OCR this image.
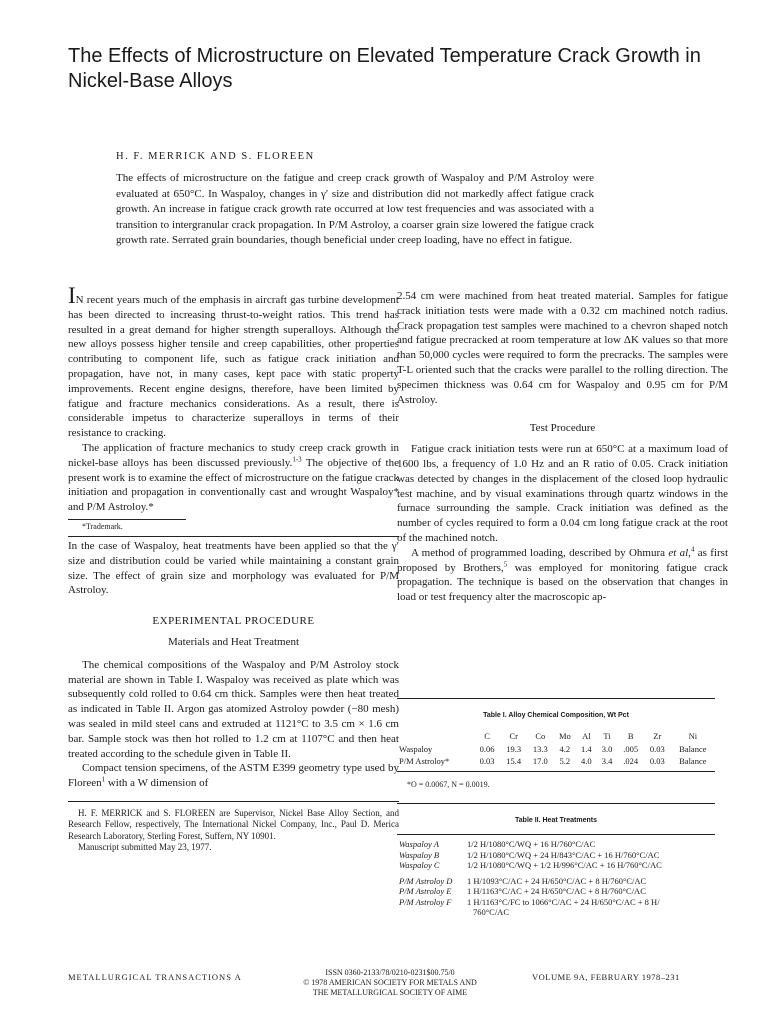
The Effects of Microstructure on Elevated Temperature Crack Growth in Nickel-Base Alloys
H. F. MERRICK AND S. FLOREEN

The effects of microstructure on the fatigue and creep crack growth of Waspaloy and P/M Astroloy were evaluated at 650°C. In Waspaloy, changes in γ′ size and distribution did not markedly affect fatigue crack growth. An increase in fatigue crack growth rate occurred at low test frequencies and was associated with a transition to intergranular crack propagation. In P/M Astroloy, a coarser grain size lowered the fatigue crack growth rate. Serrated grain boundaries, though beneficial under creep loading, have no effect in fatigue.

IN recent years much of the emphasis in aircraft gas turbine development has been directed to increasing thrust-to-weight ratios. This trend has resulted in a great demand for higher strength superalloys. Although the new alloys possess higher tensile and creep capabilities, other properties contributing to component life, such as fatigue crack initiation and propagation, have not, in many cases, kept pace with static property improvements. Recent engine designs, therefore, have been limited by fatigue and fracture mechanics considerations. As a result, there is considerable impetus to characterize superalloys in terms of their resistance to cracking.

The application of fracture mechanics to study creep crack growth in nickel-base alloys has been discussed previously.$^{1-3}$ The objective of the present work is to examine the effect of microstructure on the fatigue crack initiation and propagation in conventionally cast and wrought Waspaloy* and P/M Astroloy.*

*Trademark.

In the case of Waspaloy, heat treatments have been applied so that the γ′ size and distribution could be varied while maintaining a constant grain size. The effect of grain size and morphology was evaluated for P/M Astroloy.

EXPERIMENTAL PROCEDURE
Materials and Heat Treatment

The chemical compositions of the Waspaloy and P/M Astroloy stock material are shown in Table I. Waspaloy was received as plate which was subsequently cold rolled to 0.64 cm thick. Samples were then heat treated as indicated in Table II. Argon gas atomized Astroloy powder (−80 mesh) was sealed in mild steel cans and extruded at 1121°C to 3.5 cm × 1.6 cm bar. Sample stock was then hot rolled to 1.2 cm at 1107°C and then heat treated according to the schedule given in Table II.

Compact tension specimens, of the ASTM E399 geometry type used by Floreen$^1$ with a W dimension of

H. F. MERRICK and S. FLOREEN are Supervisor, Nickel Base Alloy Section, and Research Fellow, respectively, The International Nickel Company, Inc., Paul D. Merica Research Laboratory, Sterling Forest, Suffern, NY 10901.

Manuscript submitted May 23, 1977.

2.54 cm were machined from heat treated material. Samples for fatigue crack initiation tests were made with a 0.32 cm machined notch radius. Crack propagation test samples were machined to a chevron shaped notch and fatigue precracked at room temperature at low ΔK values so that more than 50,000 cycles were required to form the precracks. The samples were T-L oriented such that the cracks were parallel to the rolling direction. The specimen thickness was 0.64 cm for Waspaloy and 0.95 cm for P/M Astroloy.

Test Procedure

Fatigue crack initiation tests were run at 650°C at a maximum load of 1600 lbs, a frequency of 1.0 Hz and an R ratio of 0.05. Crack initiation was detected by changes in the displacement of the closed loop hydraulic test machine, and by visual examinations through quartz windows in the furnace surrounding the sample. Crack initiation was defined as the number of cycles required to form a 0.04 cm long fatigue crack at the root of the machined notch.

A method of programmed loading, described by Ohmura et al,$^4$ as first proposed by Brothers,$^5$ was employed for monitoring fatigue crack propagation. The technique is based on the observation that changes in load or test frequency alter the macroscopic ap-

Table I. Alloy Chemical Composition, Wt Pct
	C	Cr	Co	Mo	Al	Ti	B	Zr	Ni
Waspaloy	0.06	19.3	13.3	4.2	1.4	3.0	.005	0.03	Balance
P/M Astroloy*	0.03	15.4	17.0	5.2	4.0	3.4	.024	0.03	Balance
*O = 0.0067, N = 0.0019.
Table II. Heat Treatments
Waspaloy A	1/2 H/1080°C/WQ + 16 H/760°C/AC
Waspaloy B	1/2 H/1080°C/WQ + 24 H/843°C/AC + 16 H/760°C/AC
Waspaloy C	1/2 H/1080°C/WQ + 1/2 H/996°C/AC + 16 H/760°C/AC
P/M Astroloy D	1 H/1093°C/AC + 24 H/650°C/AC + 8 H/760°C/AC
P/M Astroloy E	1 H/1163°C/AC + 24 H/650°C/AC + 8 H/760°C/AC
P/M Astroloy F	1 H/1163°C/FC to 1066°C/AC + 24 H/650°C/AC + 8 H/
	760°C/AC
METALLURGICAL TRANSACTIONS A	ISSN 0360-2133/78/0210-0231$00.75/0
© 1978 AMERICAN SOCIETY FOR METALS AND
THE METALLURGICAL SOCIETY OF AIME
VOLUME 9A, FEBRUARY 1978–231
